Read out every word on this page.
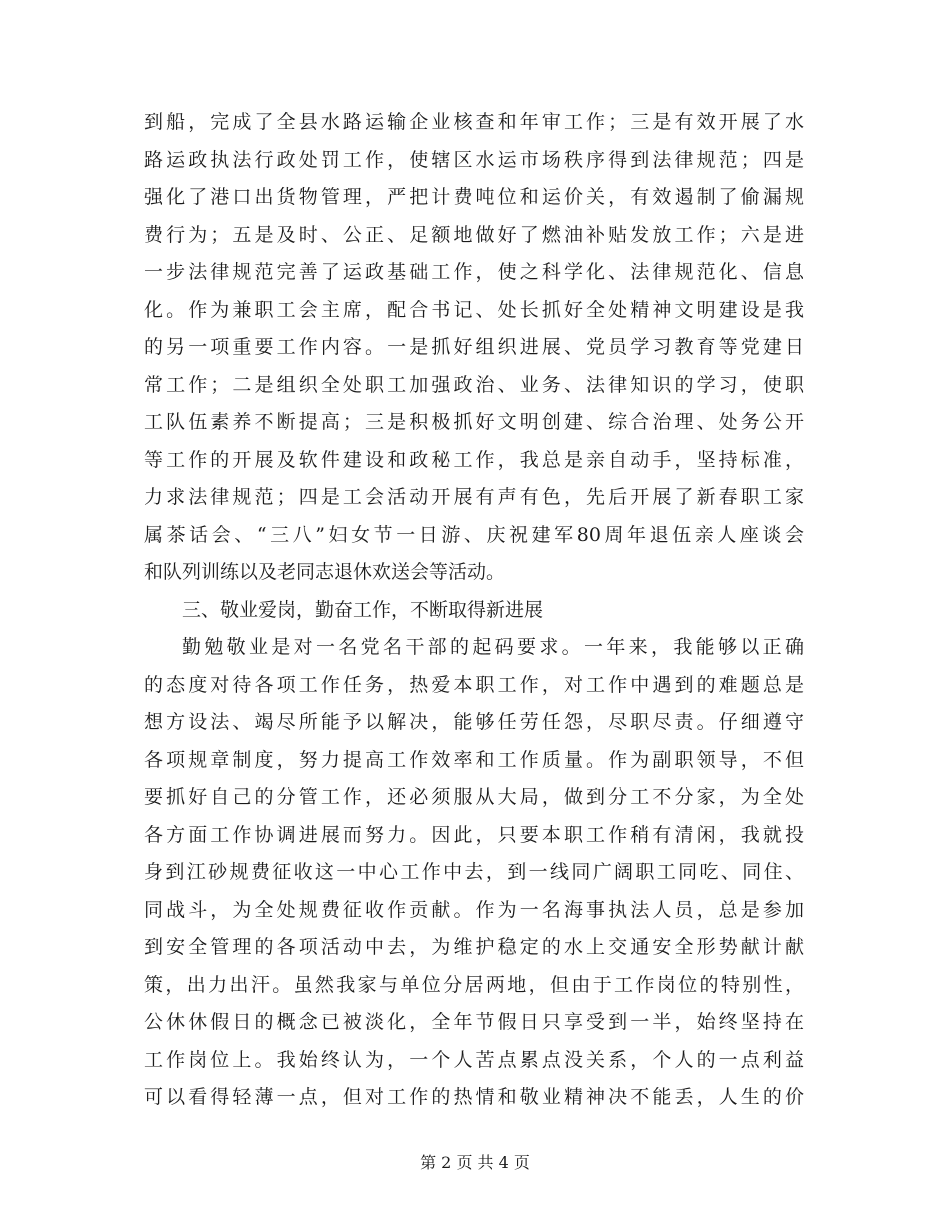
到船，完成了全县水路运输企业核查和年审工作；三是有效开展了水
路运政执法行政处罚工作，使辖区水运市场秩序得到法律规范；四是
强化了港口出货物管理，严把计费吨位和运价关，有效遏制了偷漏规
费行为；五是及时、公正、足额地做好了燃油补贴发放工作；六是进
一步法律规范完善了运政基础工作，使之科学化、法律规范化、信息
化。作为兼职工会主席，配合书记、处长抓好全处精神文明建设是我
的另一项重要工作内容。一是抓好组织进展、党员学习教育等党建日
常工作；二是组织全处职工加强政治、业务、法律知识的学习，使职
工队伍素养不断提高；三是积极抓好文明创建、综合治理、处务公开
等工作的开展及软件建设和政秘工作，我总是亲自动手，坚持标准，
力求法律规范；四是工会活动开展有声有色，先后开展了新春职工家
属茶话会、“三八”妇女节一日游、庆祝建军80周年退伍亲人座谈会
和队列训练以及老同志退休欢送会等活动。
三、敬业爱岗，勤奋工作，不断取得新进展
勤勉敬业是对一名党名干部的起码要求。一年来，我能够以正确
的态度对待各项工作任务，热爱本职工作，对工作中遇到的难题总是
想方设法、竭尽所能予以解决，能够任劳任怨，尽职尽责。仔细遵守
各项规章制度，努力提高工作效率和工作质量。作为副职领导，不但
要抓好自己的分管工作，还必须服从大局，做到分工不分家，为全处
各方面工作协调进展而努力。因此，只要本职工作稍有清闲，我就投
身到江砂规费征收这一中心工作中去，到一线同广阔职工同吃、同住、
同战斗，为全处规费征收作贡献。作为一名海事执法人员，总是参加
到安全管理的各项活动中去，为维护稳定的水上交通安全形势献计献
策，出力出汗。虽然我家与单位分居两地，但由于工作岗位的特别性，
公休休假日的概念已被淡化，全年节假日只享受到一半，始终坚持在
工作岗位上。我始终认为，一个人苦点累点没关系，个人的一点利益
可以看得轻薄一点，但对工作的热情和敬业精神决不能丢，人生的价
第 2 页 共 4 页
